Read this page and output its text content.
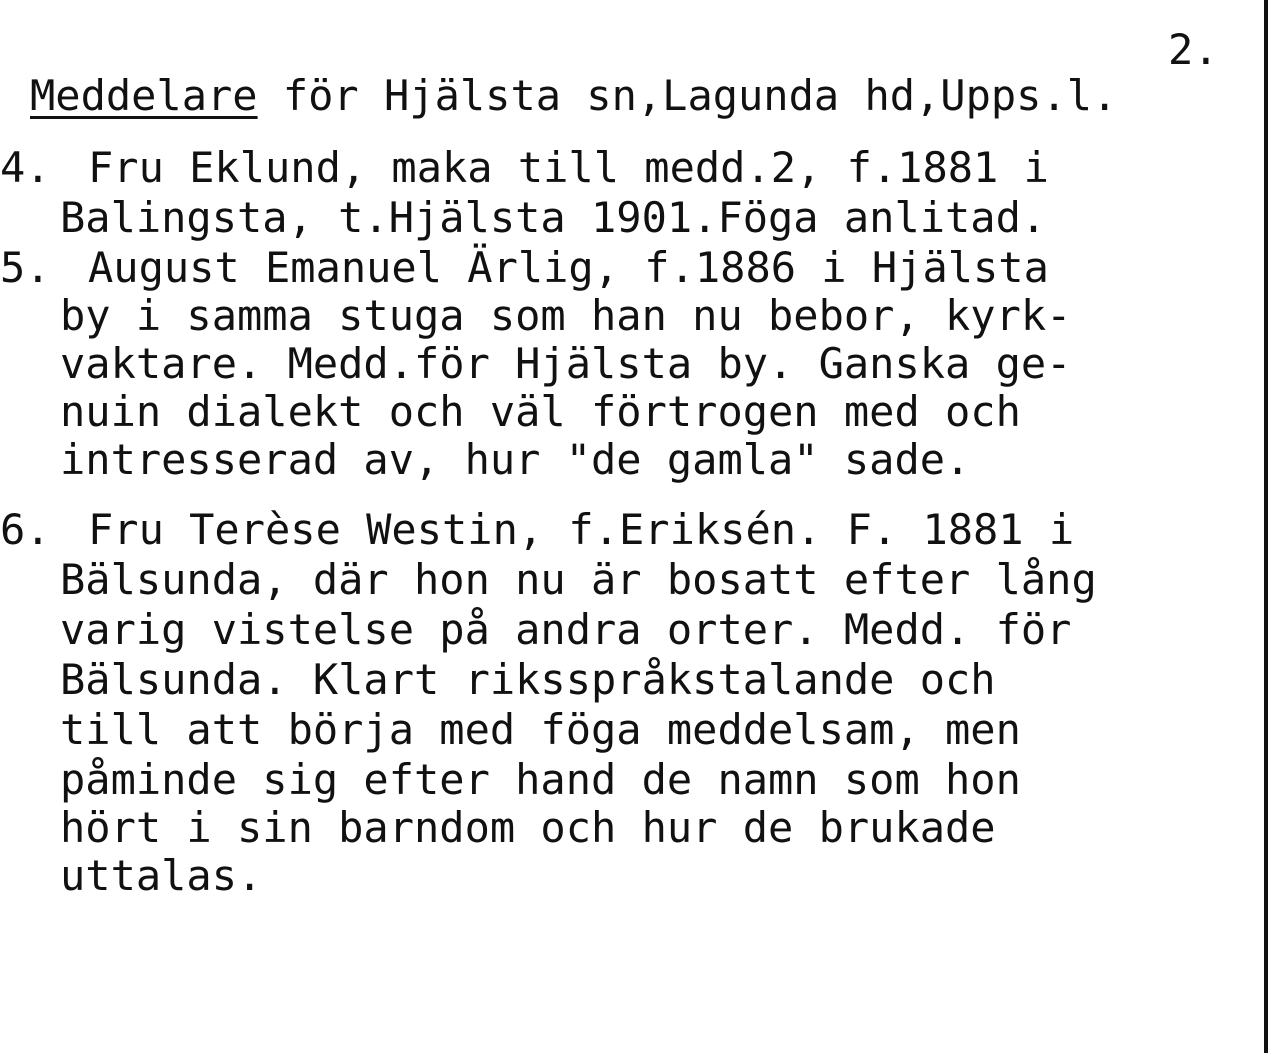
2.
Meddelare för Hjälsta sn,Lagunda hd,Upps.l.
4. Fru Eklund, maka till medd.2, f.1881 i
Balingsta, t.Hjälsta 1901.Föga anlitad.
5. August Emanuel Ärlig, f.1886 i Hjälsta
by i samma stuga som han nu bebor, kyrk-
vaktare. Medd.för Hjälsta by. Ganska ge-
nuin dialekt och väl förtrogen med och
intresserad av, hur "de gamla" sade.
6. Fru Terèse Westin, f.Eriksén. F. 1881 i
Bälsunda, där hon nu är bosatt efter lång
varig vistelse på andra orter. Medd. för
Bälsunda. Klart riksspråkstalande och
till att börja med föga meddelsam, men
påminde sig efter hand de namn som hon
hört i sin barndom och hur de brukade
uttalas.
